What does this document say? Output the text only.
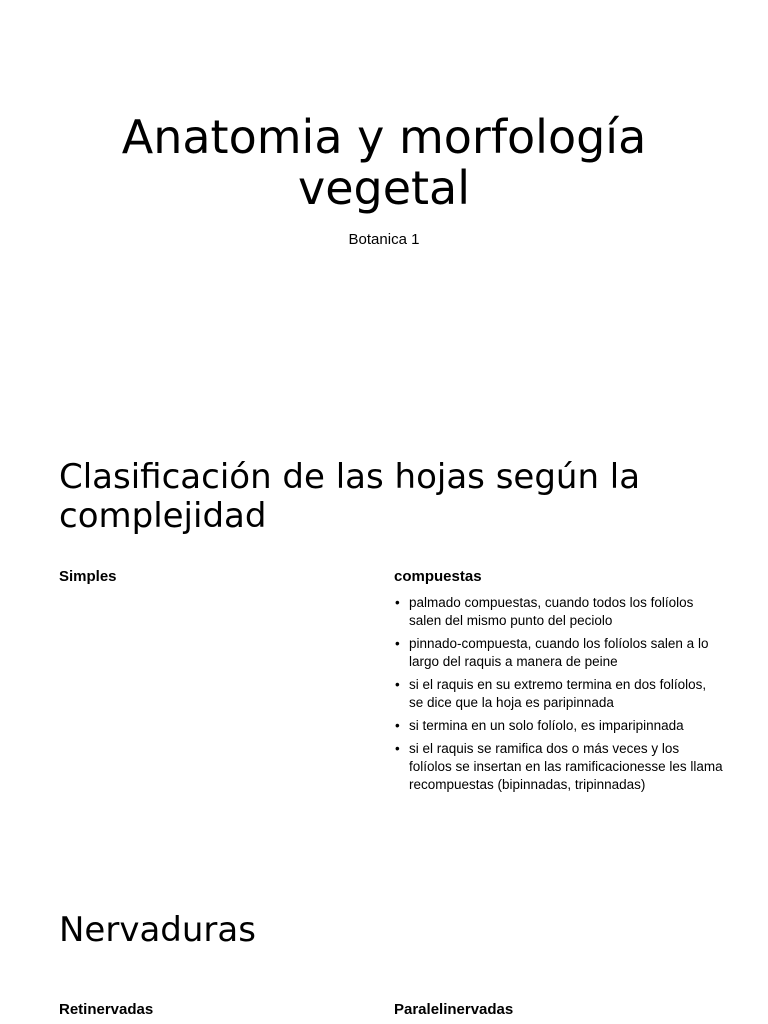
Anatomia y morfología
vegetal

Botanica 1

Clasificación de las hojas según la
complejidad

Simples	compuestas

• palmado compuestas, cuando todos los folíolos salen del mismo punto del peciolo
• pinnado-compuesta, cuando los folíolos salen a lo largo del raquis a manera de peine
• si el raquis en su extremo termina en dos folíolos, se dice que la hoja es paripinnada
• si termina en un solo folíolo, es imparipinnada
• si el raquis se ramifica dos o más veces y los folíolos se insertan en las ramificacionesse les llama recompuestas (bipinnadas, tripinnadas)
Nervaduras

Retinervadas	Paralelinervadas
